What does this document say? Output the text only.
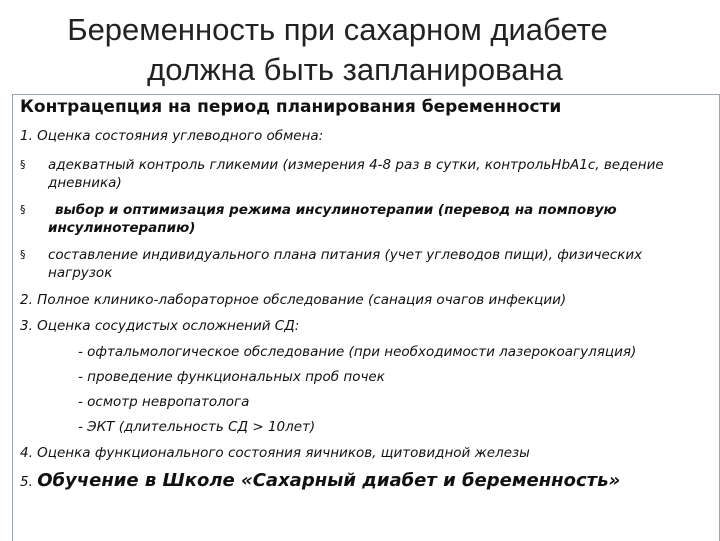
Беременность при сахарном диабете
должна быть запланирована
Контрацепция на период планирования беременности
1. Оценка состояния углеводного обмена:
§ адекватный контроль гликемии (измерения 4-8 раз в сутки, контрольHbA1c, ведение
дневника)
§ выбор и оптимизация режима инсулинотерапии (перевод на помповую
инсулинотерапию)
§ составление индивидуального плана питания (учет углеводов пищи), физических
нагрузок
2. Полное клинико-лабораторное обследование (санация очагов инфекции)
3. Оценка сосудистых осложнений СД:
- офтальмологическое обследование (при необходимости лазерокоагуляция)
- проведение функциональных проб почек
- осмотр невропатолога
- ЭКТ (длительность СД > 10лет)
4. Оценка функционального состояния яичников, щитовидной железы
5. Обучение в Школе «Сахарный диабет и беременность»
